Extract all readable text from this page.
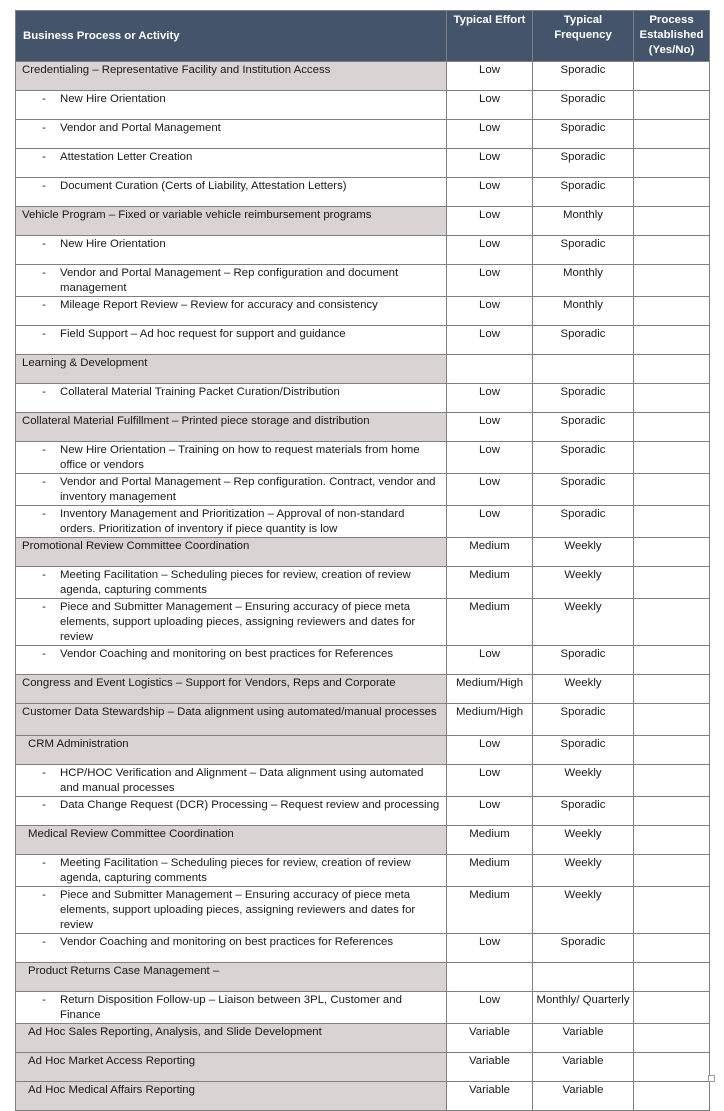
Business Process or Activity	Typical Effort	Typical Frequency	Process Established (Yes/No)
Credentialing – Representative Facility and Institution Access	Low	Sporadic	

- New Hire Orientation	Low	Sporadic	

- Vendor and Portal Management	Low	Sporadic	

- Attestation Letter Creation	Low	Sporadic	

- Document Curation (Certs of Liability, Attestation Letters)	Low	Sporadic	
Vehicle Program – Fixed or variable vehicle reimbursement programs	Low	Monthly	

- New Hire Orientation	Low	Sporadic	

- Vendor and Portal Management – Rep configuration and document management	Low	Monthly	

- Mileage Report Review – Review for accuracy and consistency	Low	Monthly	

- Field Support – Ad hoc request for support and guidance	Low	Sporadic	
Learning & Development			

- Collateral Material Training Packet Curation/Distribution	Low	Sporadic	
Collateral Material Fulfillment – Printed piece storage and distribution	Low	Sporadic	

- New Hire Orientation – Training on how to request materials from home office or vendors	Low	Sporadic	

- Vendor and Portal Management – Rep configuration. Contract, vendor and inventory management	Low	Sporadic	

- Inventory Management and Prioritization – Approval of non-standard orders. Prioritization of inventory if piece quantity is low	Low	Sporadic	
Promotional Review Committee Coordination	Medium	Weekly	

- Meeting Facilitation – Scheduling pieces for review, creation of review agenda, capturing comments	Medium	Weekly	

- Piece and Submitter Management – Ensuring accuracy of piece meta elements, support uploading pieces, assigning reviewers and dates for review	Medium	Weekly	

- Vendor Coaching and monitoring on best practices for References	Low	Sporadic	
Congress and Event Logistics – Support for Vendors, Reps and Corporate	Medium/High	Weekly	
Customer Data Stewardship – Data alignment using automated/manual processes	Medium/High	Sporadic	
CRM Administration	Low	Sporadic	

- HCP/HOC Verification and Alignment – Data alignment using automated and manual processes	Low	Weekly	

- Data Change Request (DCR) Processing – Request review and processing	Low	Sporadic	
Medical Review Committee Coordination	Medium	Weekly	

- Meeting Facilitation – Scheduling pieces for review, creation of review agenda, capturing comments	Medium	Weekly	

- Piece and Submitter Management – Ensuring accuracy of piece meta elements, support uploading pieces, assigning reviewers and dates for review	Medium	Weekly	

- Vendor Coaching and monitoring on best practices for References	Low	Sporadic	
Product Returns Case Management –			

- Return Disposition Follow-up – Liaison between 3PL, Customer and Finance	Low	Monthly/ Quarterly	
Ad Hoc Sales Reporting, Analysis, and Slide Development	Variable	Variable	
Ad Hoc Market Access Reporting	Variable	Variable	
Ad Hoc Medical Affairs Reporting	Variable	Variable	
